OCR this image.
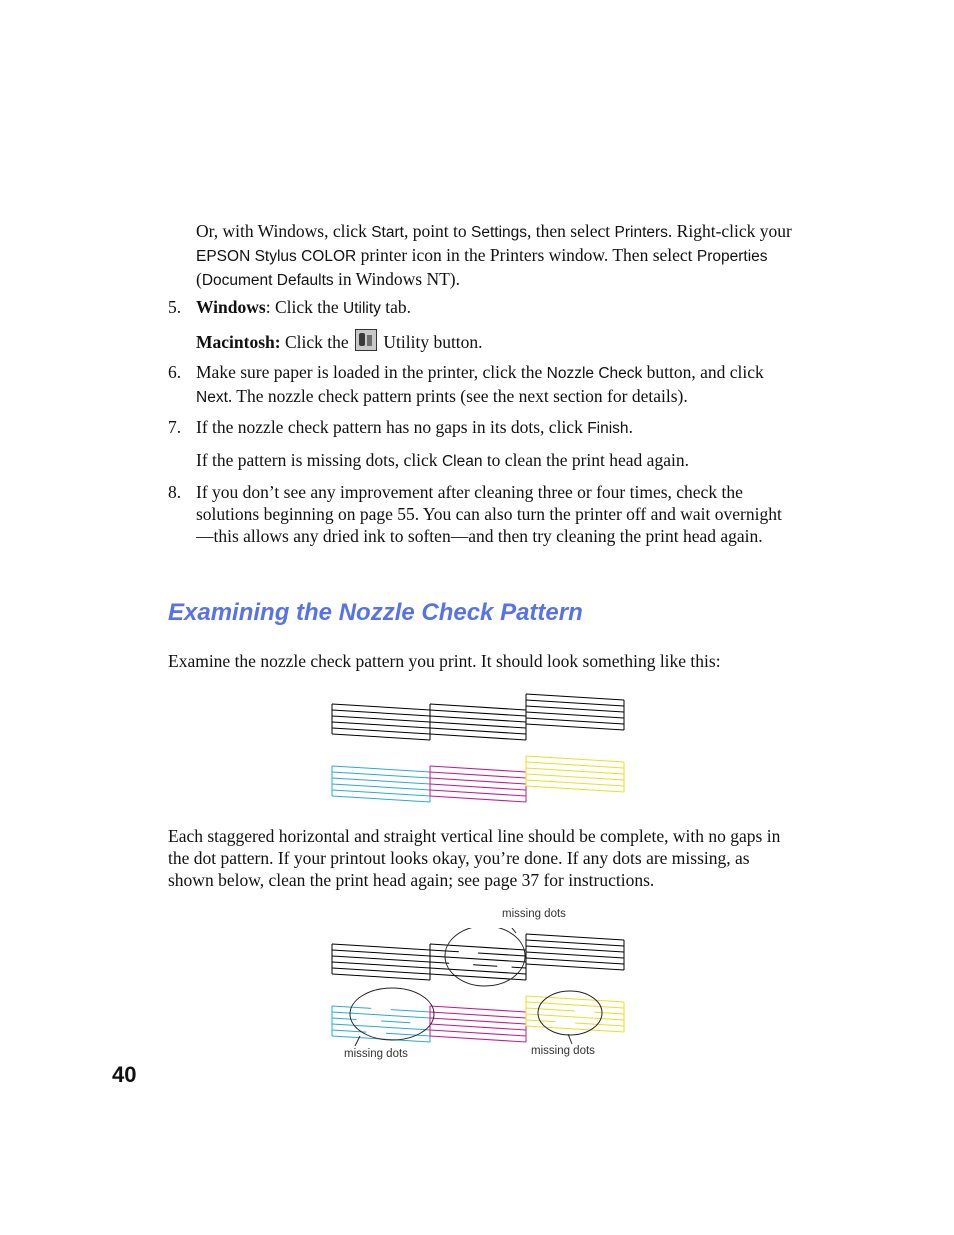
Or, with Windows, click Start, point to Settings, then select Printers. Right-click your EPSON Stylus COLOR printer icon in the Printers window. Then select Properties (Document Defaults in Windows NT).

5. Windows: Click the Utility tab.

Macintosh: Click the  Utility button.

6. Make sure paper is loaded in the printer, click the Nozzle Check button, and click Next. The nozzle check pattern prints (see the next section for details).
7. If the nozzle check pattern has no gaps in its dots, click Finish.

If the pattern is missing dots, click Clean to clean the print head again.

8. If you don’t see any improvement after cleaning three or four times, check the solutions beginning on page 55. You can also turn the printer off and wait overnight—this allows any dried ink to soften—and then try cleaning the print head again.
Examining the Nozzle Check Pattern

Examine the nozzle check pattern you print. It should look something like this:

Each staggered horizontal and straight vertical line should be complete, with no gaps in the dot pattern. If your printout looks okay, you’re done. If any dots are missing, as shown below, clean the print head again; see page 37 for instructions.

missing dots
missing dots	missing dots

40
